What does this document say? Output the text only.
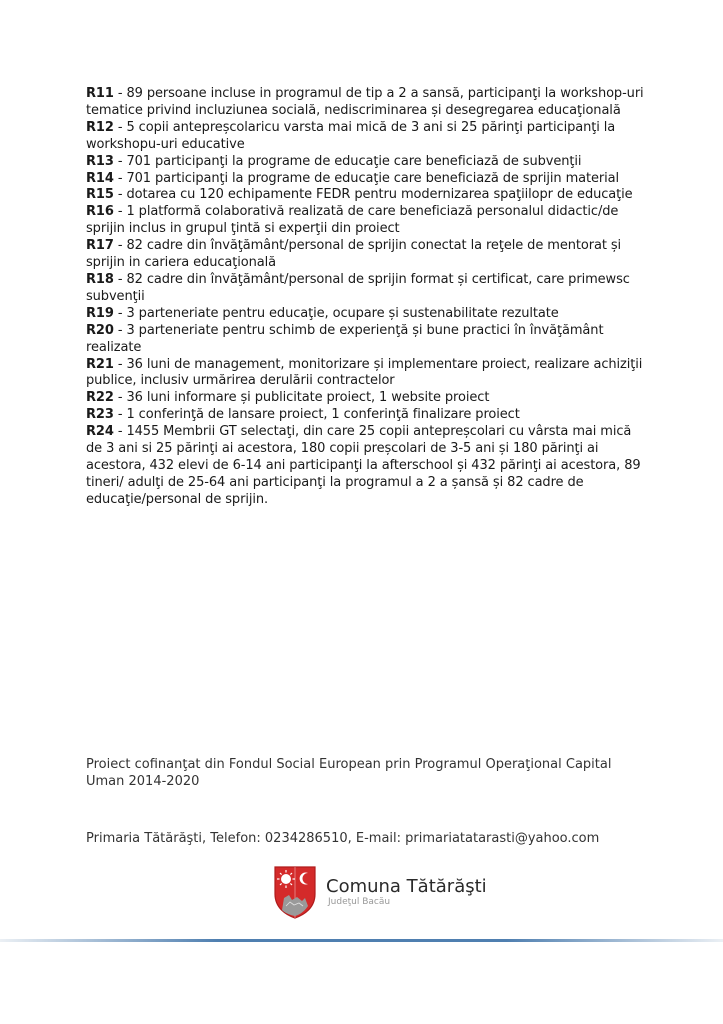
R11 - 89 persoane incluse in programul de tip a 2 a sansă, participanţi la workshop-uri tematice privind incluziunea socială, nediscriminarea și desegregarea educaţională

R12 - 5 copii antepreșcolaricu varsta mai mică de 3 ani si 25 părinţi participanţi la workshopu-uri educative

R13 - 701 participanţi la programe de educaţie care beneficiază de subvenţii

R14 - 701 participanţi la programe de educaţie care beneficiază de sprijin material

R15 - dotarea cu 120 echipamente FEDR pentru modernizarea spaţiilopr de educaţie

R16 - 1 platformă colaborativă realizată de care beneficiază personalul didactic/de sprijin inclus in grupul ţintă si experţii din proiect

R17 - 82 cadre din învăţământ/personal de sprijin conectat la reţele de mentorat și sprijin in cariera educaţională

R18 - 82 cadre din învăţământ/personal de sprijin format și certificat, care primewsc subvenţii

R19 - 3 parteneriate pentru educaţie, ocupare și sustenabilitate rezultate

R20 - 3 parteneriate pentru schimb de experienţă și bune practici în învăţământ realizate

R21 - 36 luni de management, monitorizare și implementare proiect, realizare achiziţii publice, inclusiv urmărirea derulării contractelor

R22 - 36 luni informare și publicitate proiect, 1 website proiect

R23 - 1 conferinţă de lansare proiect, 1 conferinţă finalizare proiect

R24 - 1455 Membrii GT selectaţi, din care 25 copii antepreșcolari cu vârsta mai mică de 3 ani si 25 părinţi ai acestora, 180 copii preșcolari de 3-5 ani și 180 părinţi ai acestora, 432 elevi de 6-14 ani participanţi la afterschool și 432 părinţi ai acestora, 89 tineri/ adulţi de 25-64 ani participanţi la programul a 2 a șansă și 82 cadre de educaţie/personal de sprijin.

Proiect cofinanţat din Fondul Social European prin Programul Operaţional Capital Uman 2014-2020
Primaria Tătărăşti, Telefon: 0234286510, E-mail: primariatatarasti@yahoo.com
Comuna Tătărăşti
Judeţul Bacău
